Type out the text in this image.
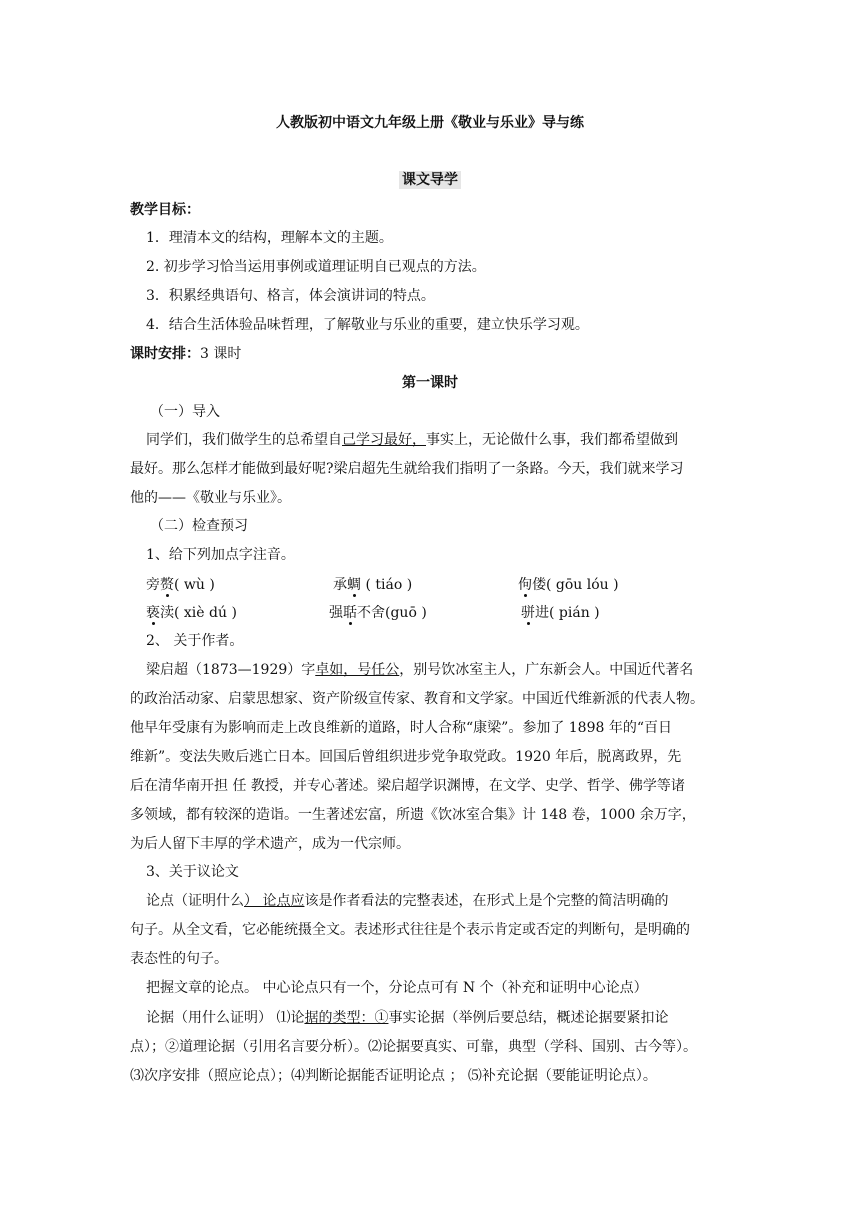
人教版初中语文九年级上册《敬业与乐业》导与练
课文导学
教学目标：
1．理清本文的结构，理解本文的主题。
2. 初步学习恰当运用事例或道理证明自已观点的方法。
3．积累经典语句、格言，体会演讲词的特点。
4．结合生活体验品味哲理，了解敬业与乐业的重要，建立快乐学习观。
课时安排：3 课时
第一课时
（一）导入
同学们，我们做学生的总希望自己学习最好，事实上，无论做什么事，我们都希望做到
最好。那么怎样才能做到最好呢?梁启超先生就给我们指明了一条路。今天，我们就来学习
他的——《敬业与乐业》。
（二）检查预习
1、给下列加点字注音。
旁赘( wù )	承蜩 ( tiáo )	佝偻( gōu lóu )
亵渎( xiè dú )	强聒不舍(guō )	骈进( pián )
2、 关于作者。
梁启超（1873—1929）字卓如，号任公，别号饮冰室主人，广东新会人。中国近代著名
的政治活动家、启蒙思想家、资产阶级宣传家、教育和文学家。中国近代维新派的代表人物。
他早年受康有为影响而走上改良维新的道路，时人合称“康梁”。参加了 1898 年的“百日
维新”。变法失败后逃亡日本。回国后曾组织进步党争取党政。1920 年后，脱离政界，先
后在清华南开担 任 教授，并专心著述。梁启超学识渊博，在文学、史学、哲学、佛学等诸
多领域，都有较深的造诣。一生著述宏富，所遗《饮冰室合集》计 148 卷，1000 余万字，
为后人留下丰厚的学术遗产，成为一代宗师。
3、关于议论文
论点（证明什么） 论点应该是作者看法的完整表述，在形式上是个完整的简洁明确的
句子。从全文看，它必能统摄全文。表述形式往往是个表示肯定或否定的判断句，是明确的
表态性的句子。
把握文章的论点。 中心论点只有一个，分论点可有 N 个（补充和证明中心论点）
论据（用什么证明） ⑴论据的类型：①事实论据（举例后要总结，概述论据要紧扣论
点）；②道理论据（引用名言要分析）。⑵论据要真实、可靠，典型（学科、国别、古今等）。
⑶次序安排（照应论点）；⑷判断论据能否证明论点 ； ⑸补充论据（要能证明论点）。
